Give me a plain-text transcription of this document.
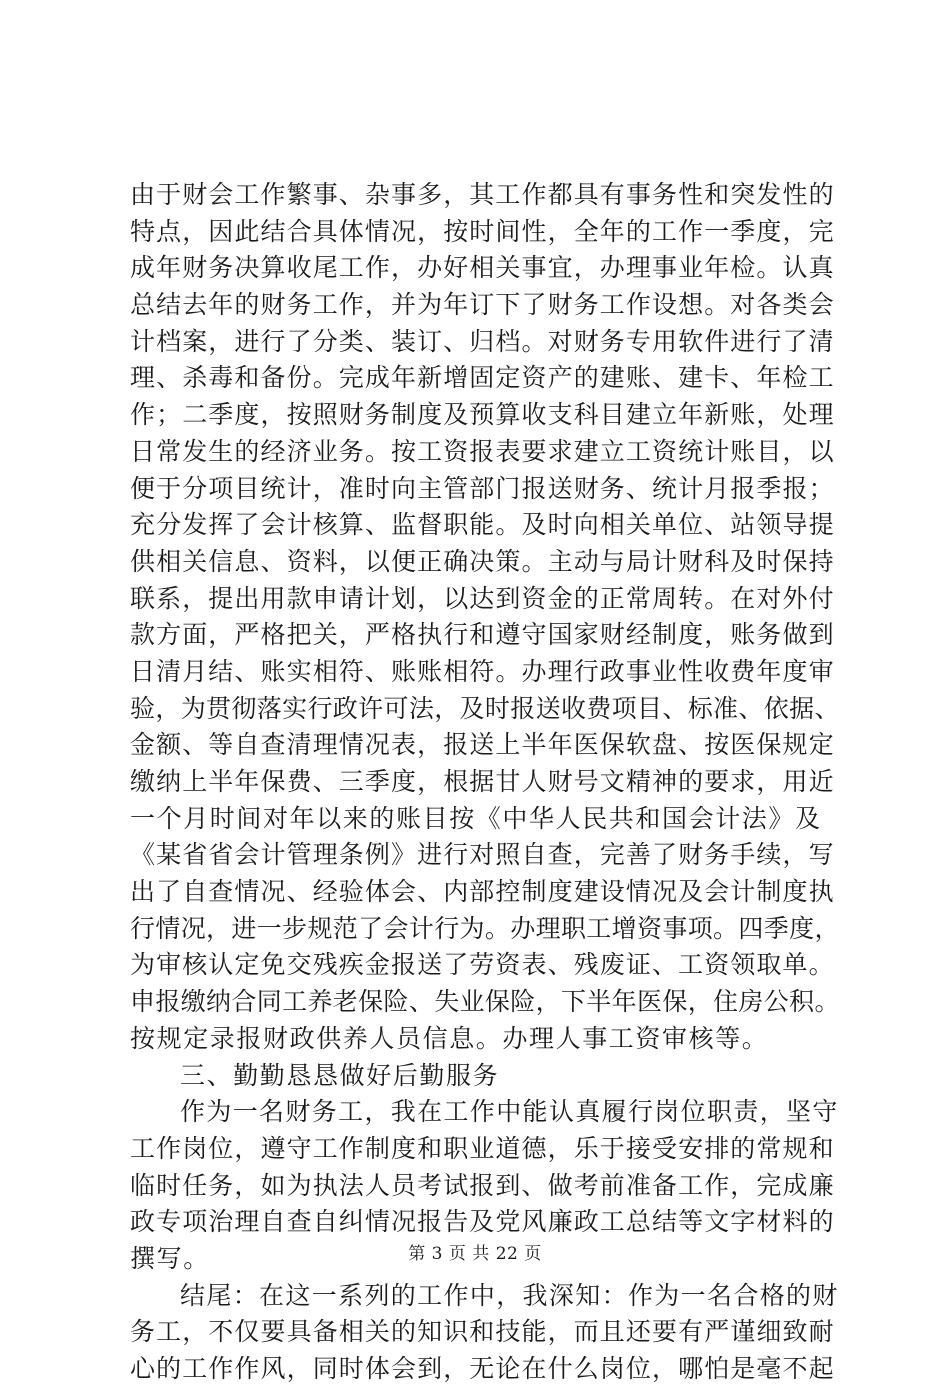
由于财会工作繁事、杂事多，其工作都具有事务性和突发性的
特点，因此结合具体情况，按时间性，全年的工作一季度，完
成年财务决算收尾工作，办好相关事宜，办理事业年检。认真
总结去年的财务工作，并为年订下了财务工作设想。对各类会
计档案，进行了分类、装订、归档。对财务专用软件进行了清
理、杀毒和备份。完成年新增固定资产的建账、建卡、年检工
作；二季度，按照财务制度及预算收支科目建立年新账，处理
日常发生的经济业务。按工资报表要求建立工资统计账目，以
便于分项目统计，准时向主管部门报送财务、统计月报季报；
充分发挥了会计核算、监督职能。及时向相关单位、站领导提
供相关信息、资料，以便正确决策。主动与局计财科及时保持
联系，提出用款申请计划，以达到资金的正常周转。在对外付
款方面，严格把关，严格执行和遵守国家财经制度，账务做到
日清月结、账实相符、账账相符。办理行政事业性收费年度审
验，为贯彻落实行政许可法，及时报送收费项目、标准、依据、
金额、等自查清理情况表，报送上半年医保软盘、按医保规定
缴纳上半年保费、三季度，根据甘人财号文精神的要求，用近
一个月时间对年以来的账目按《中华人民共和国会计法》及
《某省省会计管理条例》进行对照自查，完善了财务手续，写
出了自查情况、经验体会、内部控制度建设情况及会计制度执
行情况，进一步规范了会计行为。办理职工增资事项。四季度，
为审核认定免交残疾金报送了劳资表、残废证、工资领取单。
申报缴纳合同工养老保险、失业保险，下半年医保，住房公积。
按规定录报财政供养人员信息。办理人事工资审核等。
三、勤勤恳恳做好后勤服务
作为一名财务工，我在工作中能认真履行岗位职责，坚守
工作岗位，遵守工作制度和职业道德，乐于接受安排的常规和
临时任务，如为执法人员考试报到、做考前准备工作，完成廉
政专项治理自查自纠情况报告及党风廉政工总结等文字材料的
撰写。
结尾：在这一系列的工作中，我深知：作为一名合格的财
务工，不仅要具备相关的知识和技能，而且还要有严谨细致耐
心的工作作风，同时体会到，无论在什么岗位，哪怕是毫不起
第 3 页 共 22 页
